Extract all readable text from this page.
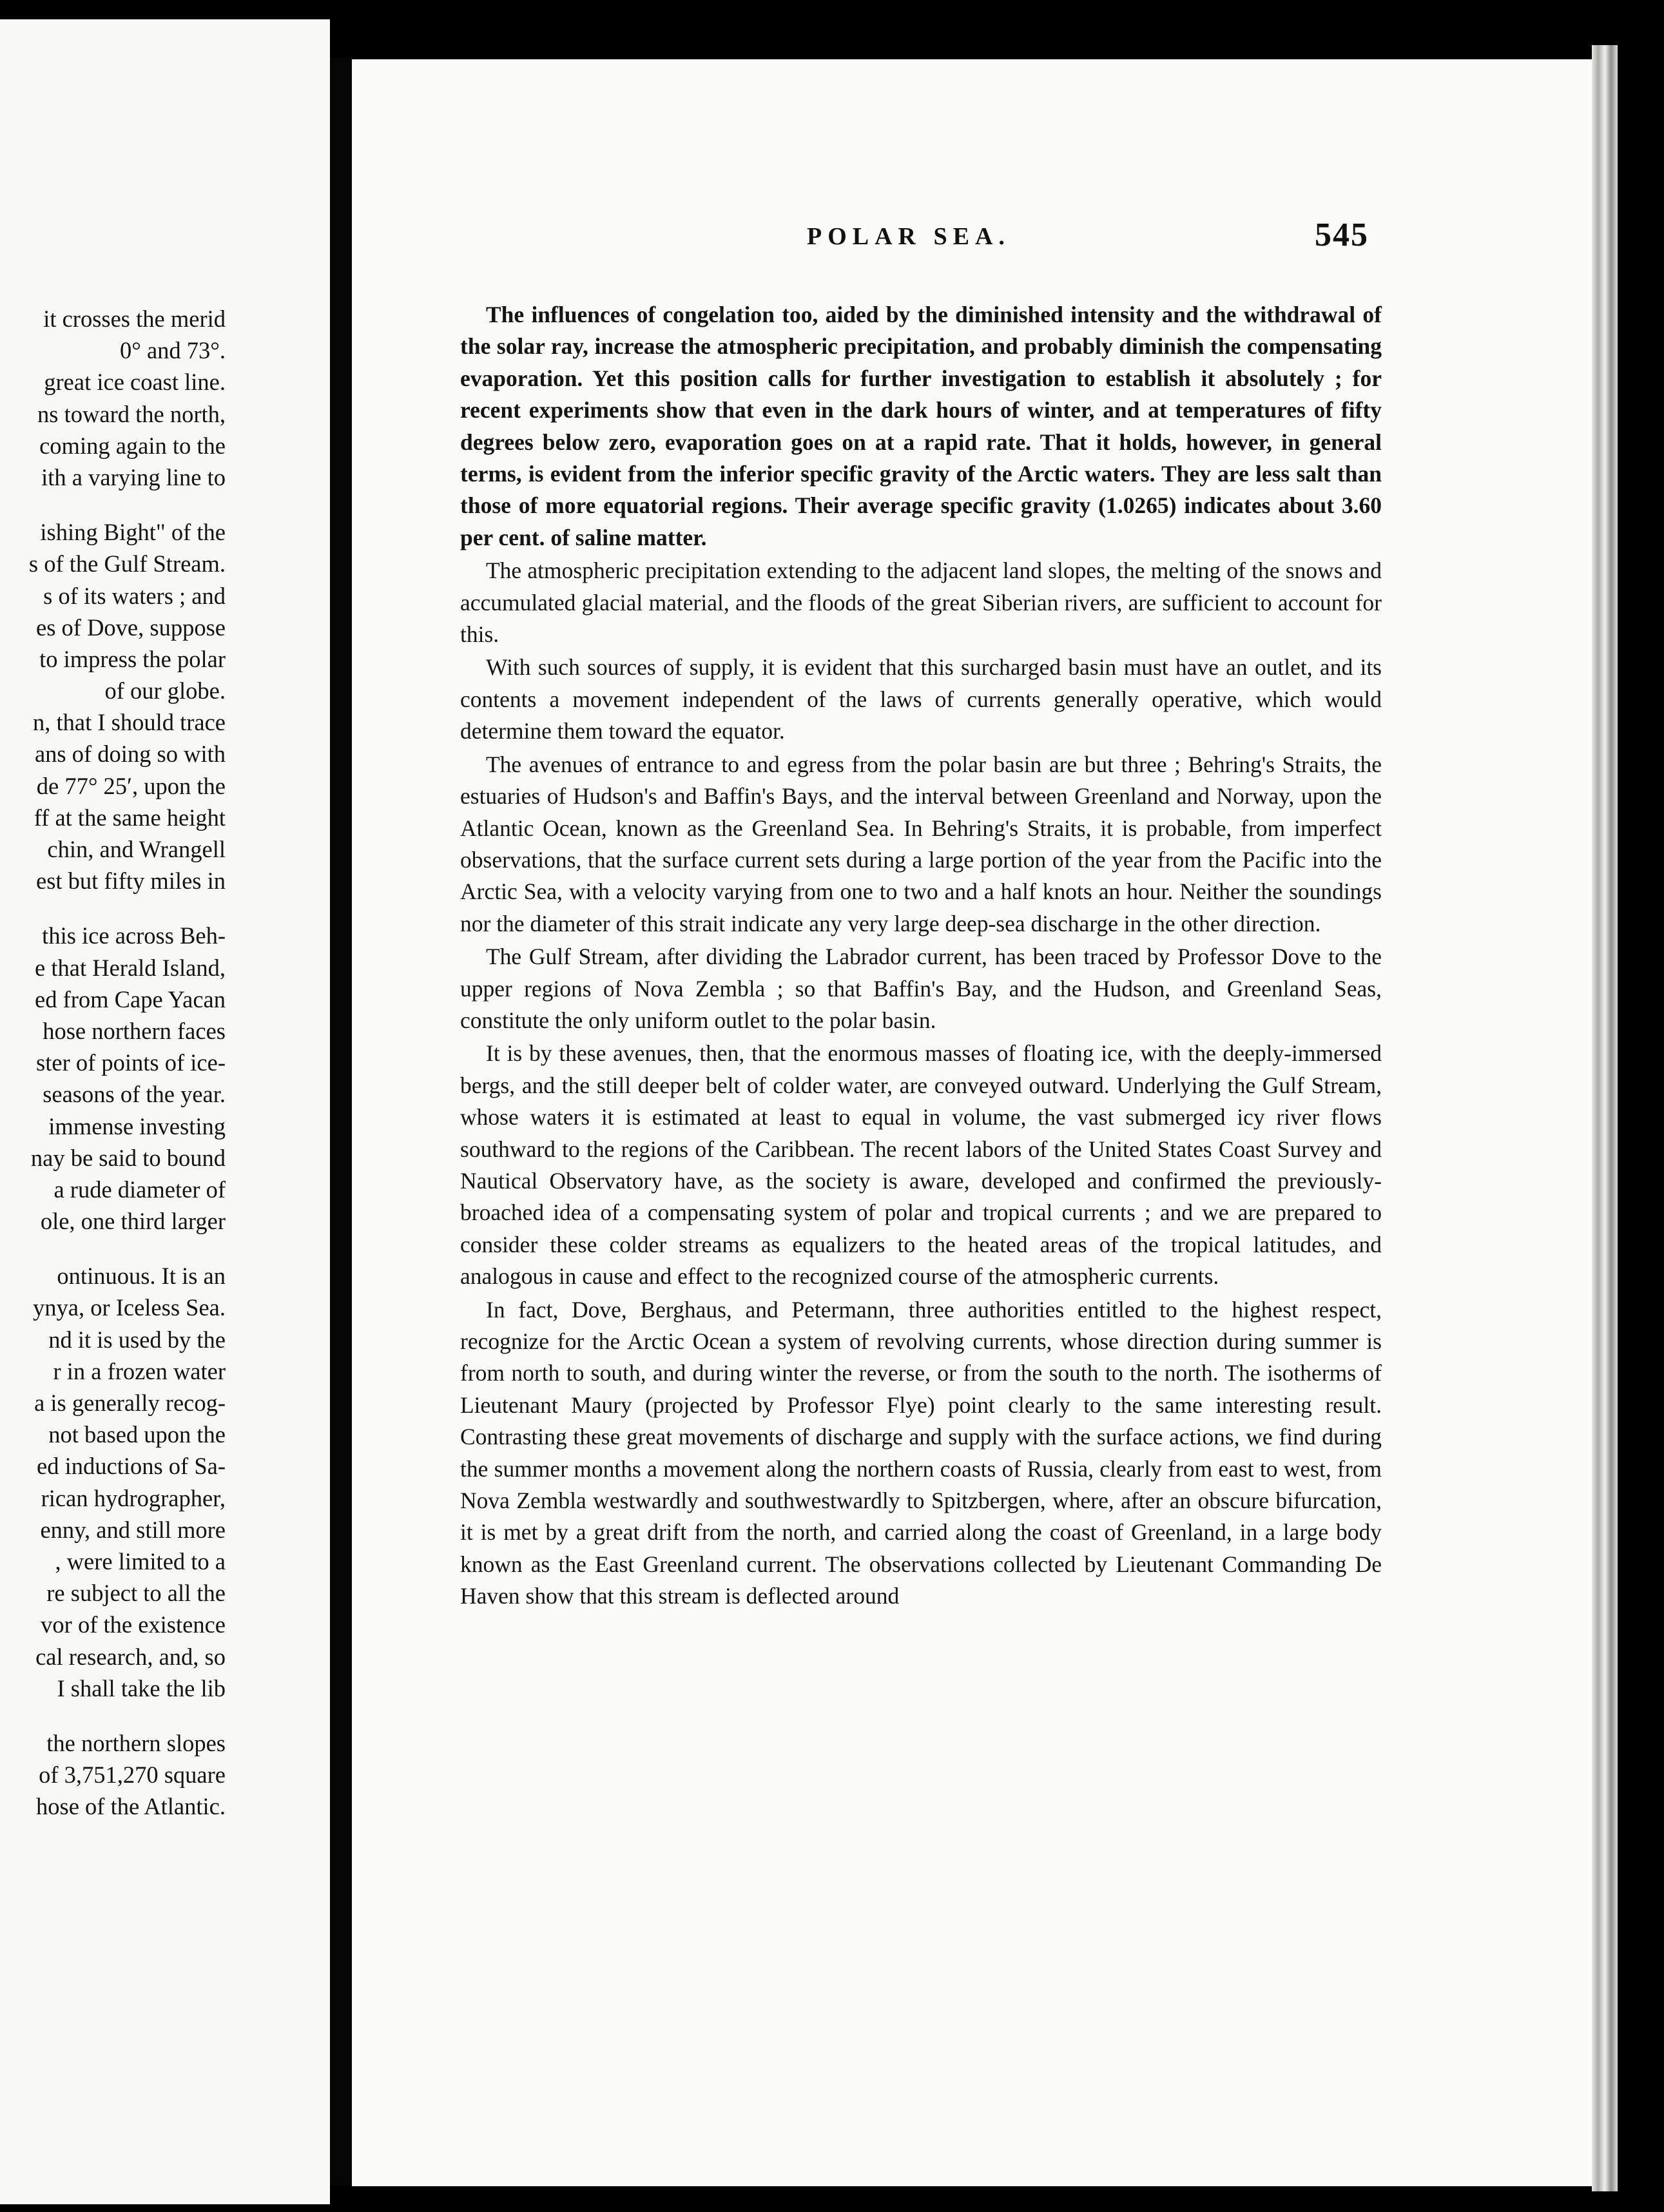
it crosses the merid
0° and 73°.
great ice coast line.
ns toward the north,
coming again to the
ith a varying line to
ishing Bight" of the
s of the Gulf Stream.
s of its waters ; and
es of Dove, suppose
to impress the polar
of our globe.
n, that I should trace
ans of doing so with
de 77° 25′, upon the
ff at the same height
chin, and Wrangell
est but fifty miles in
this ice across Beh-
e that Herald Island,
ed from Cape Yacan
hose northern faces
ster of points of ice-
seasons of the year.
immense investing
nay be said to bound
a rude diameter of
ole, one third larger
ontinuous. It is an
ynya, or Iceless Sea.
nd it is used by the
r in a frozen water
a is generally recog-
not based upon the
ed inductions of Sa-
rican hydrographer,
enny, and still more
, were limited to a
re subject to all the
vor of the existence
cal research, and, so
I shall take the lib
the northern slopes
of 3,751,270 square
hose of the Atlantic.
POLAR SEA.	545

The influences of congelation too, aided by the diminished intensity and the withdrawal of the solar ray, increase the atmospheric precipitation, and probably diminish the compensating evaporation. Yet this position calls for further investigation to establish it absolutely ; for recent experiments show that even in the dark hours of winter, and at temperatures of fifty degrees below zero, evaporation goes on at a rapid rate. That it holds, however, in general terms, is evident from the inferior specific gravity of the Arctic waters. They are less salt than those of more equatorial regions. Their average specific gravity (1.0265) indicates about 3.60 per cent. of saline matter.

The atmospheric precipitation extending to the adjacent land slopes, the melting of the snows and accumulated glacial material, and the floods of the great Siberian rivers, are sufficient to account for this.

With such sources of supply, it is evident that this surcharged basin must have an outlet, and its contents a movement independent of the laws of currents generally operative, which would determine them toward the equator.

The avenues of entrance to and egress from the polar basin are but three ; Behring's Straits, the estuaries of Hudson's and Baffin's Bays, and the interval between Greenland and Norway, upon the Atlantic Ocean, known as the Greenland Sea. In Behring's Straits, it is probable, from imperfect observations, that the surface current sets during a large portion of the year from the Pacific into the Arctic Sea, with a velocity varying from one to two and a half knots an hour. Neither the soundings nor the diameter of this strait indicate any very large deep-sea discharge in the other direction.

The Gulf Stream, after dividing the Labrador current, has been traced by Professor Dove to the upper regions of Nova Zembla ; so that Baffin's Bay, and the Hudson, and Greenland Seas, constitute the only uniform outlet to the polar basin.

It is by these avenues, then, that the enormous masses of floating ice, with the deeply-immersed bergs, and the still deeper belt of colder water, are conveyed outward. Underlying the Gulf Stream, whose waters it is estimated at least to equal in volume, the vast submerged icy river flows southward to the regions of the Caribbean. The recent labors of the United States Coast Survey and Nautical Observatory have, as the society is aware, developed and confirmed the previously-broached idea of a compensating system of polar and tropical currents ; and we are prepared to consider these colder streams as equalizers to the heated areas of the tropical latitudes, and analogous in cause and effect to the recognized course of the atmospheric currents.

In fact, Dove, Berghaus, and Petermann, three authorities entitled to the highest respect, recognize for the Arctic Ocean a system of revolving currents, whose direction during summer is from north to south, and during winter the reverse, or from the south to the north. The isotherms of Lieutenant Maury (projected by Professor Flye) point clearly to the same interesting result. Contrasting these great movements of discharge and supply with the surface actions, we find during the summer months a movement along the northern coasts of Russia, clearly from east to west, from Nova Zembla westwardly and southwestwardly to Spitzbergen, where, after an obscure bifurcation, it is met by a great drift from the north, and carried along the coast of Greenland, in a large body known as the East Greenland current. The observations collected by Lieutenant Commanding De Haven show that this stream is deflected around
